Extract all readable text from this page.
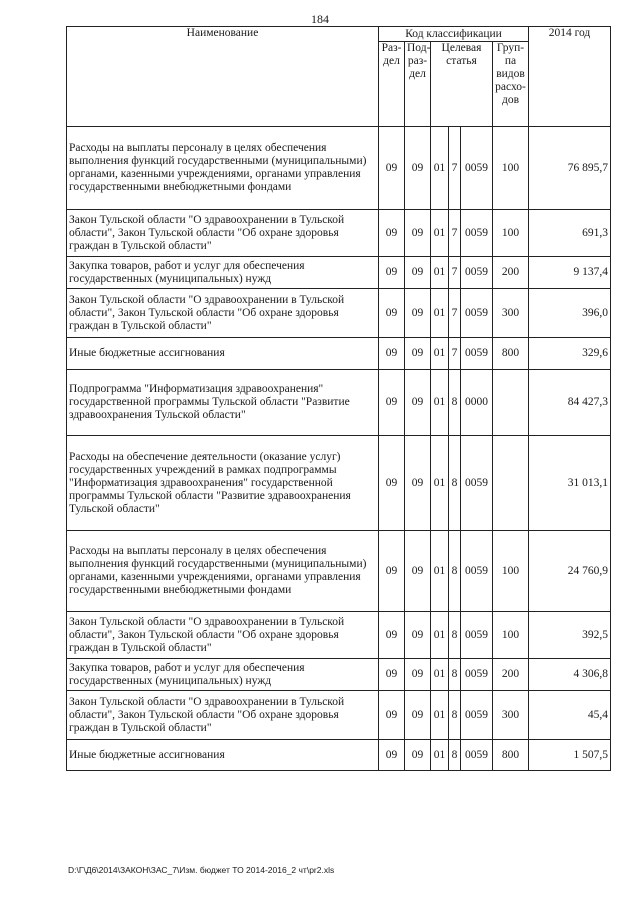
184
Наименование	Код классификации						2014 год
	Раз-дел	Под-раз-дел	Целевая статья			Груп-па видов расхо-дов	
Расходы на выплаты персоналу в целях обеспечения выполнения функций государственными (муниципальными) органами, казенными учреждениями, органами управления государственными внебюджетными фондами	09	09	01	7	0059	100	76 895,7
Закон Тульской области "О здравоохранении в Тульской области", Закон Тульской области "Об охране здоровья граждан в Тульской области"	09	09	01	7	0059	100	691,3
Закупка товаров, работ и услуг для обеспечения государственных (муниципальных) нужд	09	09	01	7	0059	200	9 137,4
Закон Тульской области "О здравоохранении в Тульской области", Закон Тульской области "Об охране здоровья граждан в Тульской области"	09	09	01	7	0059	300	396,0
Иные бюджетные ассигнования	09	09	01	7	0059	800	329,6
Подпрограмма "Информатизация здравоохранения" государственной программы Тульской области "Развитие здравоохранения Тульской области"	09	09	01	8	0000		84 427,3
Расходы на обеспечение деятельности (оказание услуг) государственных учреждений в рамках подпрограммы "Информатизация здравоохранения" государственной программы Тульской области "Развитие здравоохранения Тульской области"	09	09	01	8	0059		31 013,1
Расходы на выплаты персоналу в целях обеспечения выполнения функций государственными (муниципальными) органами, казенными учреждениями, органами управления государственными внебюджетными фондами	09	09	01	8	0059	100	24 760,9
Закон Тульской области "О здравоохранении в Тульской области", Закон Тульской области "Об охране здоровья граждан в Тульской области"	09	09	01	8	0059	100	392,5
Закупка товаров, работ и услуг для обеспечения государственных (муниципальных) нужд	09	09	01	8	0059	200	4 306,8
Закон Тульской области "О здравоохранении в Тульской области", Закон Тульской области "Об охране здоровья граждан в Тульской области"	09	09	01	8	0059	300	45,4
Иные бюджетные ассигнования	09	09	01	8	0059	800	1 507,5
D:\Г\Д6\2014\ЗАКОН\ЗАС_7\Изм. бюджет ТО 2014-2016_2 чт\pr2.xls
